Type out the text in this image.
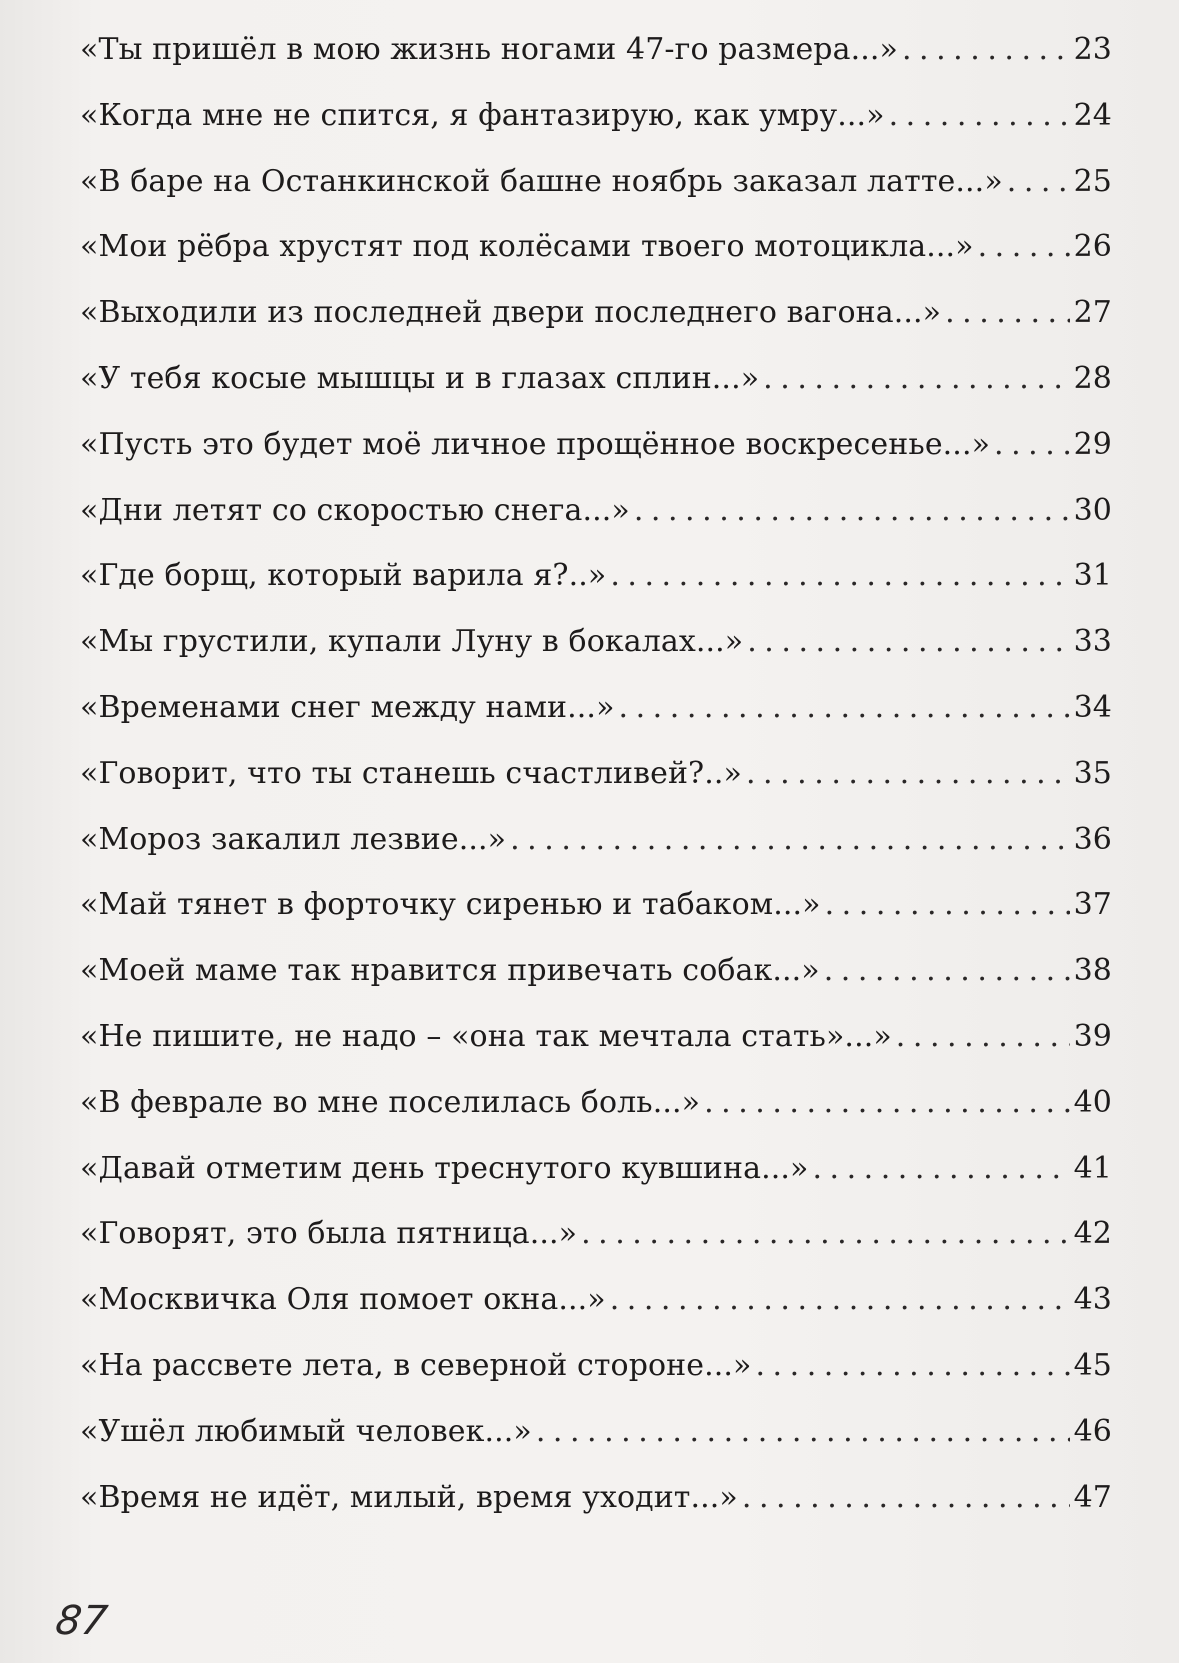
«Ты пришёл в мою жизнь ногами 47-го размера...» . . .	23
«Когда мне не спится, я фантазирую, как умру...» . . .	24
«В баре на Останкинской башне ноябрь заказал латте...» . . . 25
«Мои рёбра хрустят под колёсами твоего мотоцикла...» . . .	26
«Выходили из последней двери последнего вагона...» . . .	27
«У тебя косые мышцы и в глазах сплин...» . . .	28
«Пусть это будет моё личное прощённое воскресенье...» . . .	29
«Дни летят со скоростью снега...» . . .	30
«Где борщ, который варила я?..» . . .	31
«Мы грустили, купали Луну в бокалах...» . . .	33
«Временами снег между нами...» . . .	34
«Говорит, что ты станешь счастливей?..» . . .	35
«Мороз закалил лезвие...» . . .	36
«Май тянет в форточку сиренью и табаком...» . . .	37
«Моей маме так нравится привечать собак...» . . .	38
«Не пишите, не надо – «она так мечтала стать»...» . . .	39
«В феврале во мне поселилась боль...» . . .	40
«Давай отметим день треснутого кувшина...» . . .	41
«Говорят, это была пятница...» . . .	42
«Москвичка Оля помоет окна...» . . .	43
«На рассвете лета, в северной стороне...» . . .	45
«Ушёл любимый человек...» . . .	46
«Время не идёт, милый, время уходит...» . . .	47
87
